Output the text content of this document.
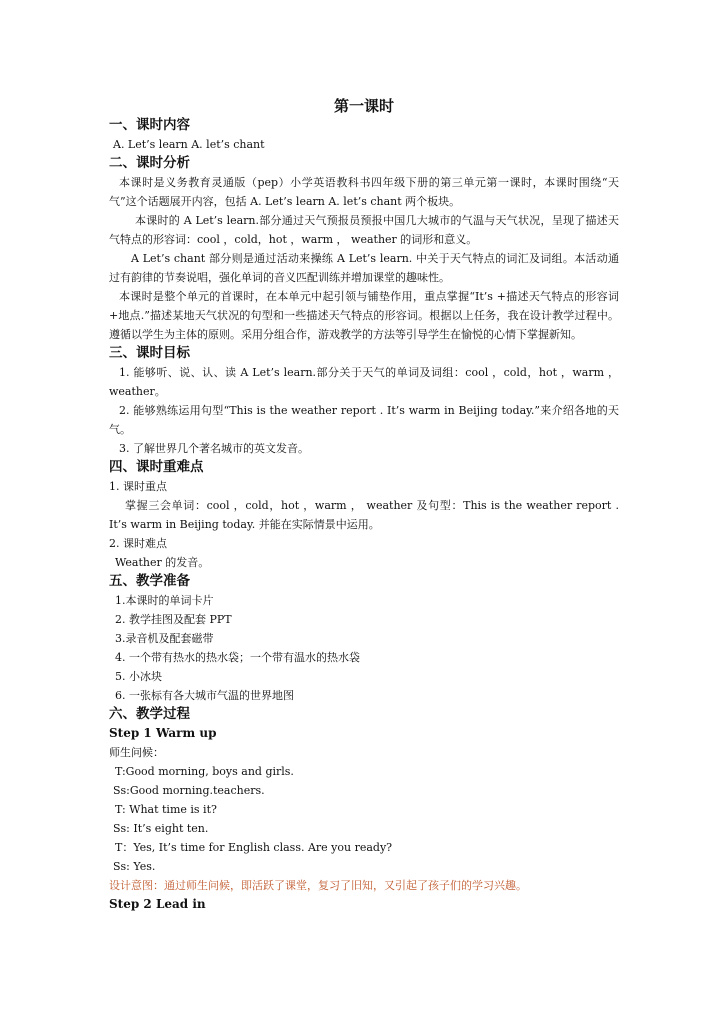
第一课时

一、课时内容

A. Let’s learn A. let’s chant

二、课时分析

本课时是义务教育灵通版（pep）小学英语教科书四年级下册的第三单元第一课时，本课时围绕“天气”这个话题展开内容，包括 A. Let’s learn A. let’s chant 两个板块。

本课时的 A Let’s learn.部分通过天气预报员预报中国几大城市的气温与天气状况，呈现了描述天气特点的形容词：cool ，cold，hot ，warm ， weather 的词形和意义。

A Let’s chant 部分则是通过活动来操练 A Let’s learn. 中关于天气特点的词汇及词组。本活动通过有韵律的节奏说唱，强化单词的音义匹配训练并增加课堂的趣味性。

本课时是整个单元的首课时，在本单元中起引领与铺垫作用，重点掌握“It’s +描述天气特点的形容词+地点.”描述某地天气状况的句型和一些描述天气特点的形容词。根据以上任务，我在设计教学过程中。遵循以学生为主体的原则。采用分组合作，游戏教学的方法等引导学生在愉悦的心情下掌握新知。

三、课时目标

1. 能够听、说、认、读 A Let’s learn.部分关于天气的单词及词组：cool ，cold，hot ，warm ， weather。

2. 能够熟练运用句型“This is the weather report . It’s warm in Beijing today.”来介绍各地的天气。

3. 了解世界几个著名城市的英文发音。

四、课时重难点

1. 课时重点

掌握三会单词：cool ，cold，hot ，warm ， weather 及句型：This is the weather report . It’s warm in Beijing today. 并能在实际情景中运用。

2. 课时难点

Weather 的发音。

五、教学准备

1.本课时的单词卡片

2. 教学挂图及配套 PPT

3.录音机及配套磁带

4. 一个带有热水的热水袋；一个带有温水的热水袋

5. 小冰块

6. 一张标有各大城市气温的世界地图

六、教学过程

Step 1 Warm up

师生问候：

T:Good morning, boys and girls.

Ss:Good morning.teachers.

T: What time is it?

Ss: It’s eight ten.

T：Yes, It’s time for English class. Are you ready?

Ss: Yes.

设计意图：通过师生问候，即活跃了课堂，复习了旧知，又引起了孩子们的学习兴趣。

Step 2 Lead in
